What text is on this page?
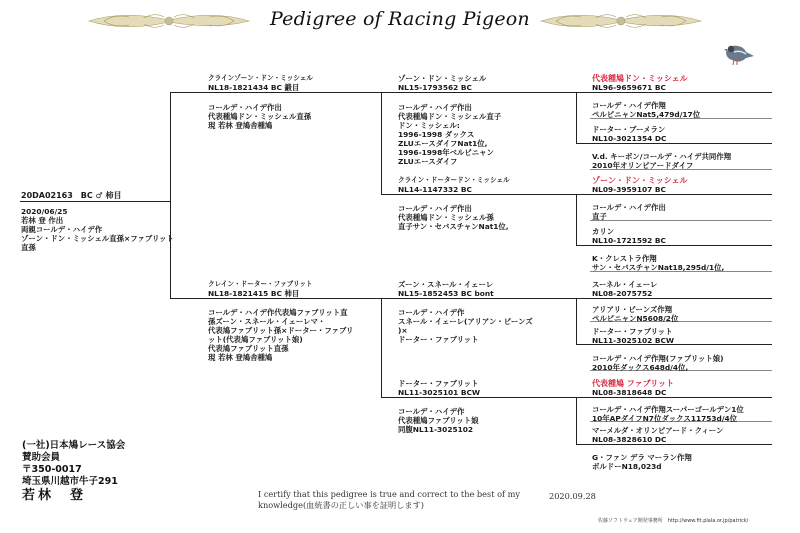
Pedigree of Racing Pigeon
20DA02163　BC ♂ 柿目
2020/06/25
若林 登 作出
両親コールデ・ハイデ作
ゾーン・ドン・ミッシェル直孫×ファブリット
直孫
クラインゾーン・ドン・ミッシェル
NL18-1821434 BC 鍛目
コールデ・ハイデ作出
代表種鳩ドン・ミッシェル直孫
現 若林 登鳩舎種鳩
クレイン・ドーター・ファブリット
NL18-1821415 BC 柿目
コールデ・ハイデ作代表鳩ファブリット直
孫ズーン・スネール・イェーレマ・
代表鳩ファブリット孫×ドーター・ファブリ
ット(代表鳩ファブリット娘)
代表鳩ファブリット直孫
現 若林 登鳩舎種鳩
ゾーン・ドン・ミッシェル
NL15-1793562 BC
コールデ・ハイデ作出
代表種鳩ドン・ミッシェル直子
ドン・ミッシェル:
1996-1998 ダックス
ZLUエースダイフNat1位,
1996-1998年ベルビニャン
ZLUエースダイフ
クライン・ドータードン・ミッシェル
NL14-1147332 BC
コールデ・ハイデ作出
代表種鳩ドン・ミッシェル孫
直子サン・セバスチャンNat1位,
ズーン・スネール・イェーレ
NL15-1852453 BC bont
コールデ・ハイデ作
スネール・イェーレ(アリアン・ビーンズ
)×
ドーター・ファブリット
ドーター・ファブリット
NL11-3025101 BCW
コールデ・ハイデ作
代表種鳩ファブリット娘
同腹NL11-3025102
代表種鳩ドン・ミッシェル
NL96-9659671 BC
コールデ・ハイデ作翔
ペルピニャンNat5,479d/17位
ドーター・ブーメラン
NL10-3021354 DC
V.d. キーボン/コールデ・ハイデ共同作翔
2010年オリンピアードダイフ
ゾーン・ドン・ミッシェル
NL09-3959107 BC
コールデ・ハイデ作出
直子
カリン
NL10-1721592 BC
K・クレストラ作翔
サン・セバスチャンNat18,295d/1位,
スーネル・イェーレ
NL08-2075752
アリアリ・ビーンズ作翔
ペルビニャンN5608/2位
ドーター・ファブリット
NL11-3025102 BCW
コールデ・ハイデ作翔(ファブリット娘)
2010年ダックス648d/4位,
代表種鳩 ファブリット
NL08-3818648 DC
コールデ・ハイデ作翔スーパーゴールデン1位
10年APダイフN7位ダックス11753d/4位
マーメルダ・オリンピアード・クィーン
NL08-3828610 DC
G・ファン デラ マーラン作翔
ボルドーN18,023d
(一社)日本鳩レース協会
賛助会員
〒350-0017
埼玉県川越市牛子291
若林　登	I certify that this pedigree is true and correct to the best of my
knowledge(血統書の正しい事を証明します)
2020.09.28
佐藤ソフトウェア開発事務所　http://www.fit.plala.or.jp/patrick/
